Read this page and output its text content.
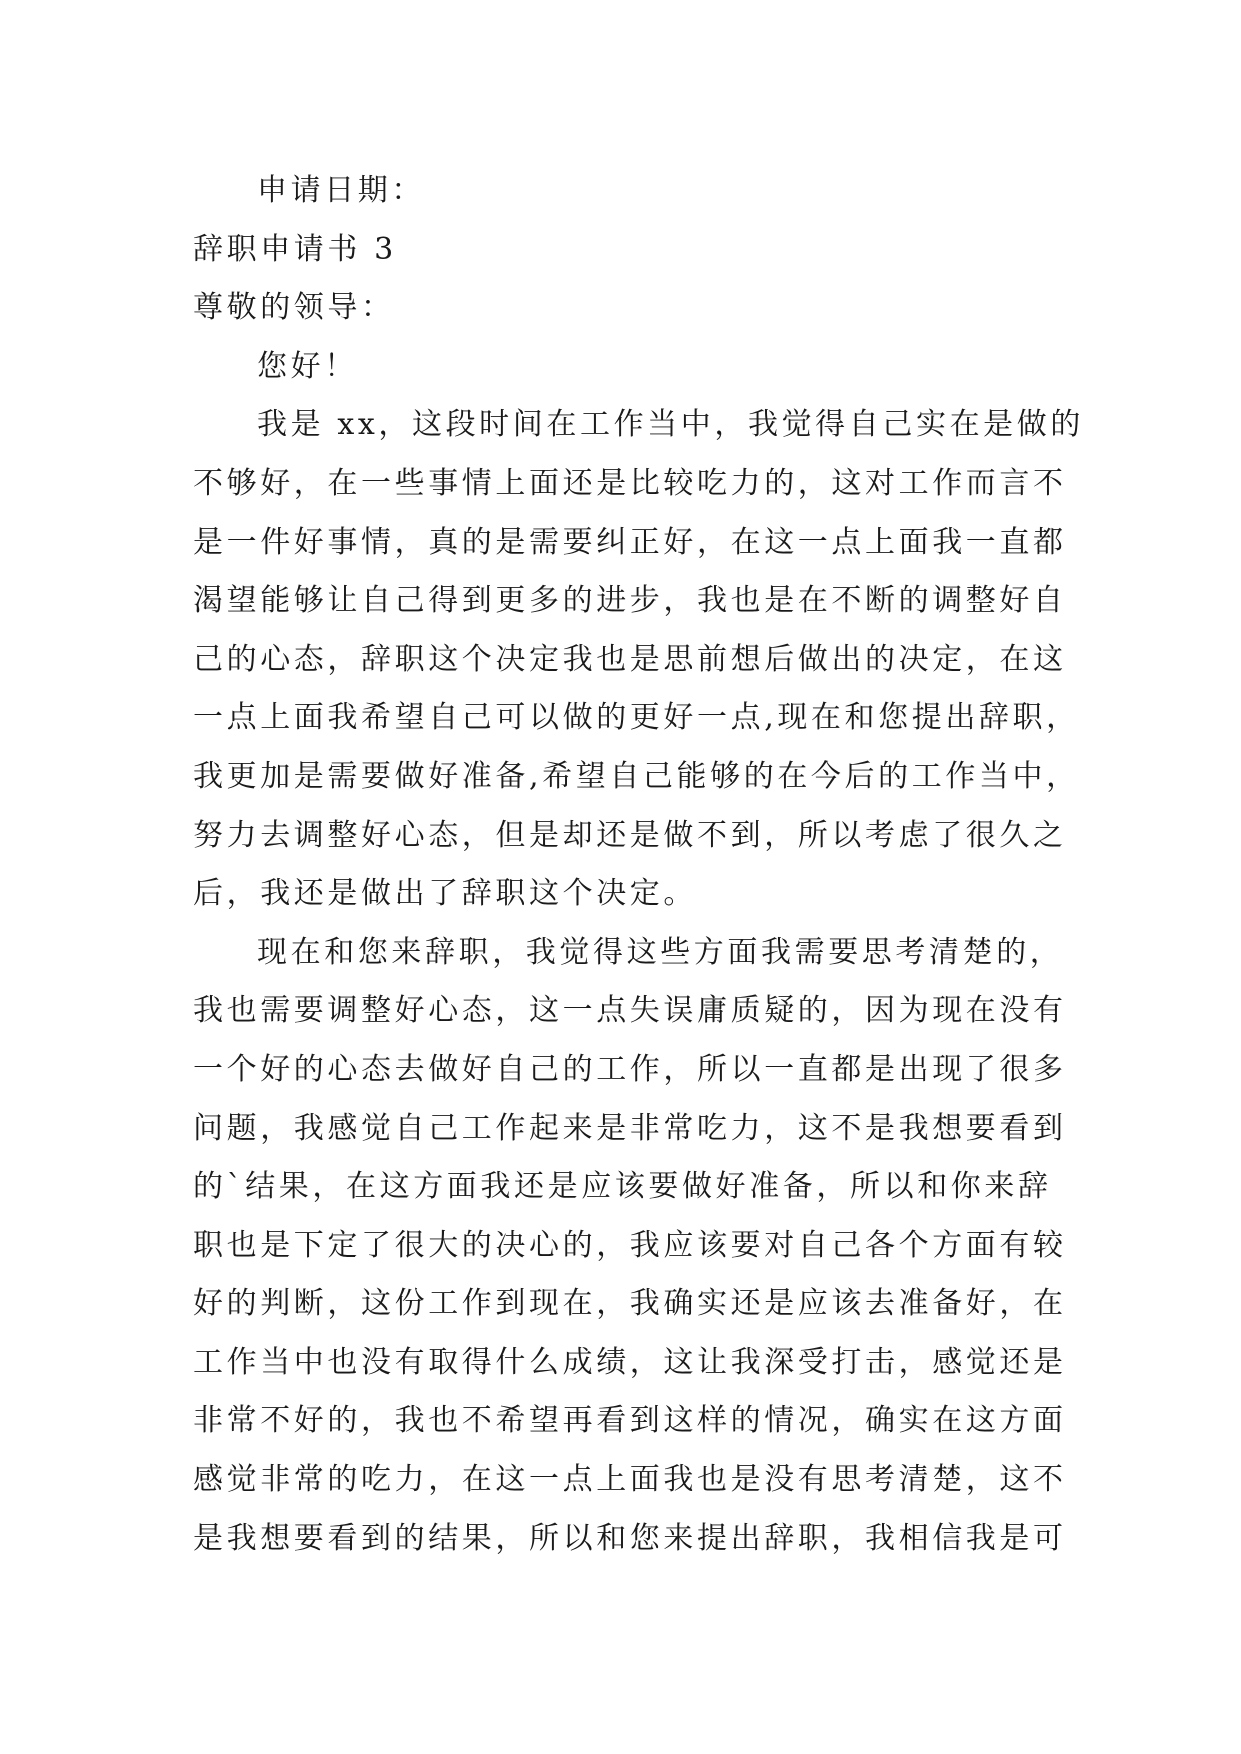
申请日期：
辞职申请书 3
尊敬的领导：
您好！
我是 xx，这段时间在工作当中，我觉得自己实在是做的
不够好，在一些事情上面还是比较吃力的，这对工作而言不
是一件好事情，真的是需要纠正好，在这一点上面我一直都
渴望能够让自己得到更多的进步，我也是在不断的调整好自
己的心态，辞职这个决定我也是思前想后做出的决定，在这
一点上面我希望自己可以做的更好一点,现在和您提出辞职，
我更加是需要做好准备,希望自己能够的在今后的工作当中，
努力去调整好心态，但是却还是做不到，所以考虑了很久之
后，我还是做出了辞职这个决定。
现在和您来辞职，我觉得这些方面我需要思考清楚的，
我也需要调整好心态，这一点失误庸质疑的，因为现在没有
一个好的心态去做好自己的工作，所以一直都是出现了很多
问题，我感觉自己工作起来是非常吃力，这不是我想要看到
的`结果，在这方面我还是应该要做好准备，所以和你来辞
职也是下定了很大的决心的，我应该要对自己各个方面有较
好的判断，这份工作到现在，我确实还是应该去准备好，在
工作当中也没有取得什么成绩，这让我深受打击，感觉还是
非常不好的，我也不希望再看到这样的情况，确实在这方面
感觉非常的吃力，在这一点上面我也是没有思考清楚，这不
是我想要看到的结果，所以和您来提出辞职，我相信我是可
